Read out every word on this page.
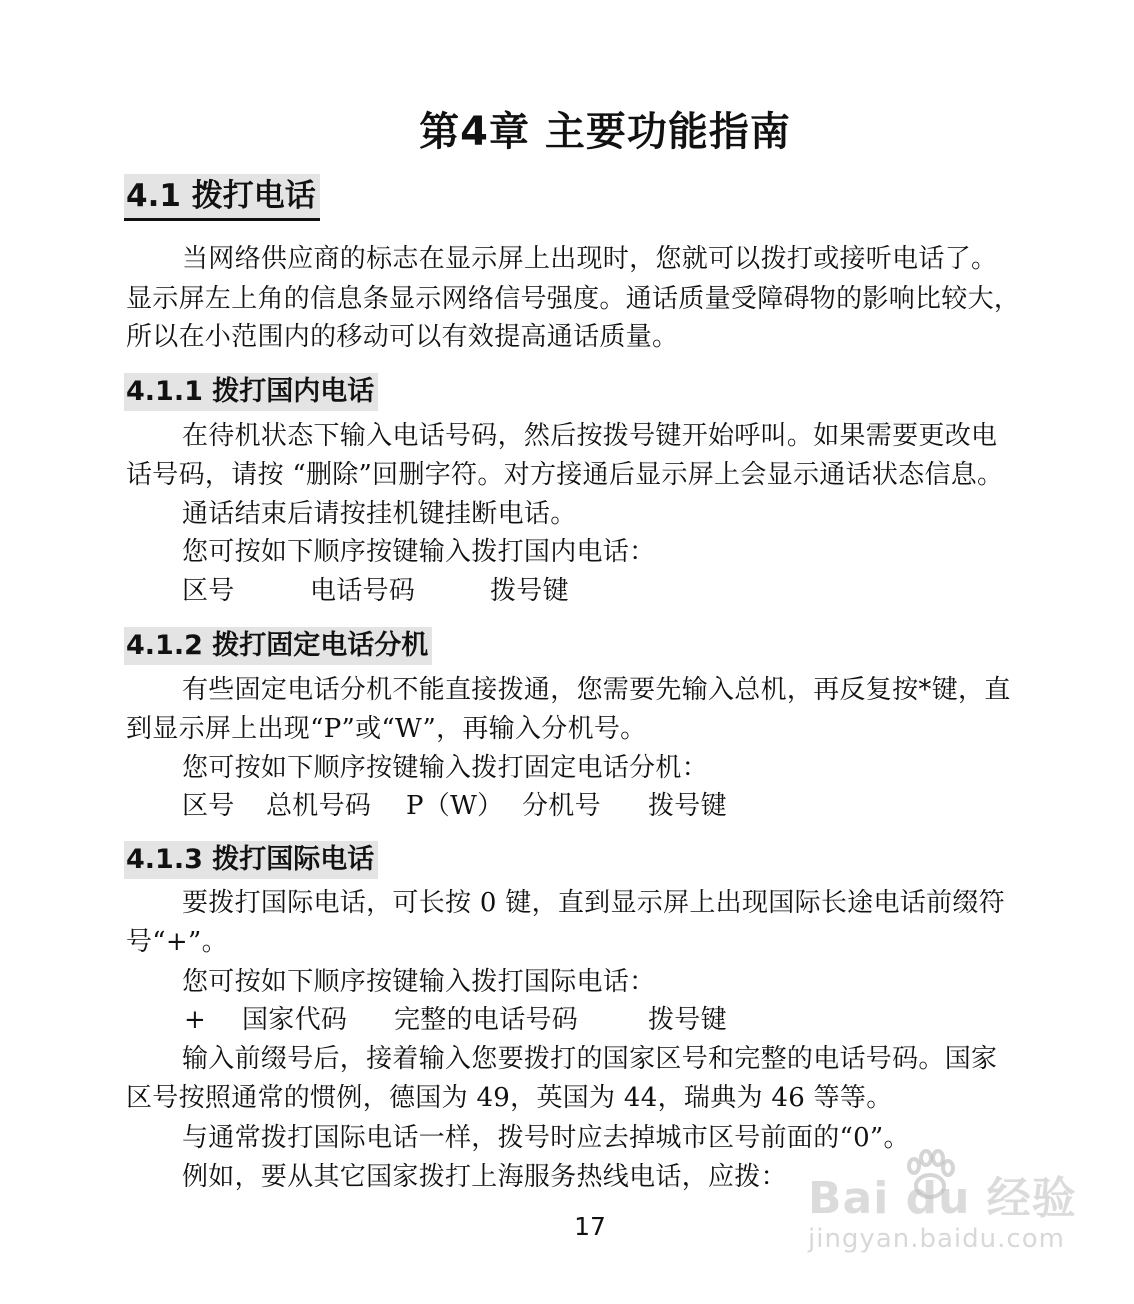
第4章 主要功能指南
4.1 拨打电话
当网络供应商的标志在显示屏上出现时，您就可以拨打或接听电话了。
显示屏左上角的信息条显示网络信号强度。通话质量受障碍物的影响比较大，
所以在小范围内的移动可以有效提高通话质量。
4.1.1 拨打国内电话
在待机状态下输入电话号码，然后按拨号键开始呼叫。如果需要更改电
话号码，请按 “删除”回删字符。对方接通后显示屏上会显示通话状态信息。
通话结束后请按挂机键挂断电话。
您可按如下顺序按键输入拨打国内电话：
区号	电话号码	拨号键
4.1.2 拨打固定电话分机
有些固定电话分机不能直接拨通，您需要先输入总机，再反复按*键，直
到显示屏上出现“P”或“W”，再输入分机号。
您可按如下顺序按键输入拨打固定电话分机：
区号 总机号码 P（W） 分机号 拨号键
4.1.3 拨打国际电话
要拨打国际电话，可长按 0 键，直到显示屏上出现国际长途电话前缀符
号“+”。
您可按如下顺序按键输入拨打国际电话：
+ 国家代码 完整的电话号码	拨号键
输入前缀号后，接着输入您要拨打的国家区号和完整的电话号码。国家
区号按照通常的惯例，德国为 49，英国为 44，瑞典为 46 等等。
与通常拨打国际电话一样，拨号时应去掉城市区号前面的“0”。
例如，要从其它国家拨打上海服务热线电话，应拨：
17
Bai du 经验
jingyan.baidu.com
